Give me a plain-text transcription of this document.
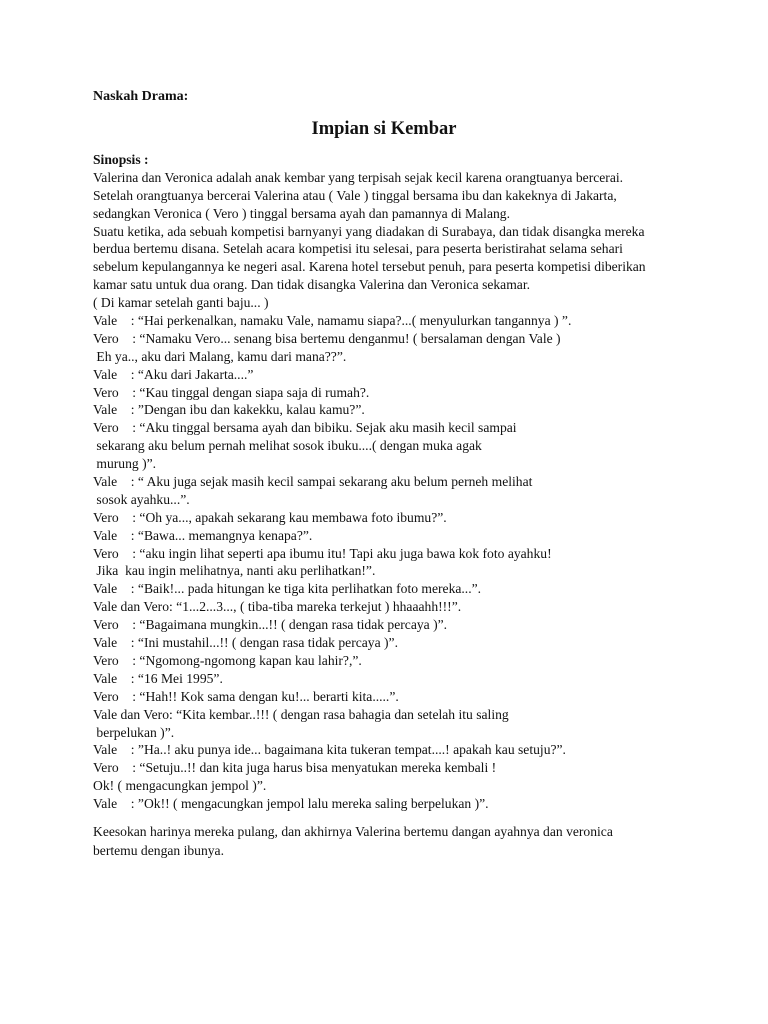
Naskah Drama:
Impian si Kembar
Sinopsis :
Valerina dan Veronica adalah anak kembar yang terpisah sejak kecil karena orangtuanya bercerai.
Setelah orangtuanya bercerai Valerina atau ( Vale ) tinggal bersama ibu dan kakeknya di Jakarta,
sedangkan Veronica ( Vero ) tinggal bersama ayah dan pamannya di Malang.
Suatu ketika, ada sebuah kompetisi barnyanyi yang diadakan di Surabaya, dan tidak disangka mereka
berdua bertemu disana. Setelah acara kompetisi itu selesai, para peserta beristirahat selama sehari
sebelum kepulangannya ke negeri asal. Karena hotel tersebut penuh, para peserta kompetisi diberikan
kamar satu untuk dua orang. Dan tidak disangka Valerina dan Veronica sekamar.
( Di kamar setelah ganti baju... )
Vale    : “Hai perkenalkan, namaku Vale, namamu siapa?...( menyulurkan tangannya ) ”.
Vero    : “Namaku Vero... senang bisa bertemu denganmu! ( bersalaman dengan Vale )
Eh ya.., aku dari Malang, kamu dari mana??”.
Vale    : “Aku dari Jakarta....”
Vero    : “Kau tinggal dengan siapa saja di rumah?.
Vale    : ”Dengan ibu dan kakekku, kalau kamu?”.
Vero    : “Aku tinggal bersama ayah dan bibiku. Sejak aku masih kecil sampai
sekarang aku belum pernah melihat sosok ibuku....( dengan muka agak
murung )”.
Vale    : “ Aku juga sejak masih kecil sampai sekarang aku belum perneh melihat
sosok ayahku...”.
Vero    : “Oh ya..., apakah sekarang kau membawa foto ibumu?”.
Vale    : “Bawa... memangnya kenapa?”.
Vero    : “aku ingin lihat seperti apa ibumu itu! Tapi aku juga bawa kok foto ayahku!
Jika  kau ingin melihatnya, nanti aku perlihatkan!”.
Vale    : “Baik!... pada hitungan ke tiga kita perlihatkan foto mereka...”.
Vale dan Vero: “1...2...3..., ( tiba-tiba mareka terkejut ) hhaaahh!!!”.
Vero    : “Bagaimana mungkin...!! ( dengan rasa tidak percaya )”.
Vale    : “Ini mustahil...!! ( dengan rasa tidak percaya )”.
Vero    : “Ngomong-ngomong kapan kau lahir?,”.
Vale    : “16 Mei 1995”.
Vero    : “Hah!! Kok sama dengan ku!... berarti kita.....”.
Vale dan Vero: “Kita kembar..!!! ( dengan rasa bahagia dan setelah itu saling
berpelukan )”.
Vale    : ”Ha..! aku punya ide... bagaimana kita tukeran tempat....! apakah kau setuju?”.
Vero    : “Setuju..!! dan kita juga harus bisa menyatukan mereka kembali !
Ok! ( mengacungkan jempol )”.
Vale    : ”Ok!! ( mengacungkan jempol lalu mereka saling berpelukan )”.
Keesokan harinya mereka pulang, dan akhirnya Valerina bertemu dangan ayahnya dan veronica
bertemu dengan ibunya.
